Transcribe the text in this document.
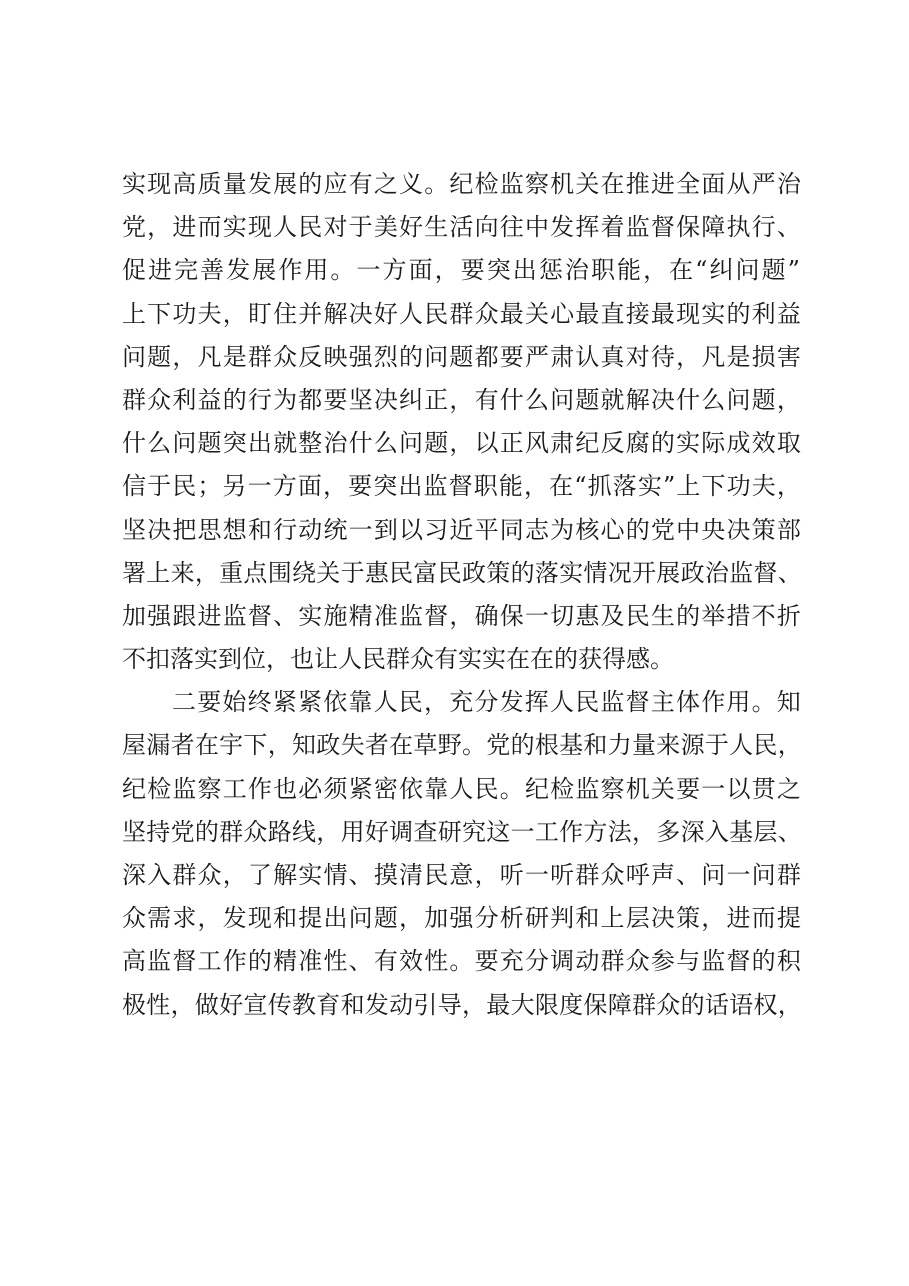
实现高质量发展的应有之义。纪检监察机关在推进全面从严治
党，进而实现人民对于美好生活向往中发挥着监督保障执行、
促进完善发展作用。一方面，要突出惩治职能，在“纠问题”
上下功夫，盯住并解决好人民群众最关心最直接最现实的利益
问题，凡是群众反映强烈的问题都要严肃认真对待，凡是损害
群众利益的行为都要坚决纠正，有什么问题就解决什么问题，
什么问题突出就整治什么问题，以正风肃纪反腐的实际成效取
信于民；另一方面，要突出监督职能，在“抓落实”上下功夫，
坚决把思想和行动统一到以习近平同志为核心的党中央决策部
署上来，重点围绕关于惠民富民政策的落实情况开展政治监督、
加强跟进监督、实施精准监督，确保一切惠及民生的举措不折
不扣落实到位，也让人民群众有实实在在的获得感。
二要始终紧紧依靠人民，充分发挥人民监督主体作用。知
屋漏者在宇下，知政失者在草野。党的根基和力量来源于人民，
纪检监察工作也必须紧密依靠人民。纪检监察机关要一以贯之
坚持党的群众路线，用好调查研究这一工作方法，多深入基层、
深入群众，了解实情、摸清民意，听一听群众呼声、问一问群
众需求，发现和提出问题，加强分析研判和上层决策，进而提
高监督工作的精准性、有效性。要充分调动群众参与监督的积
极性，做好宣传教育和发动引导，最大限度保障群众的话语权，
